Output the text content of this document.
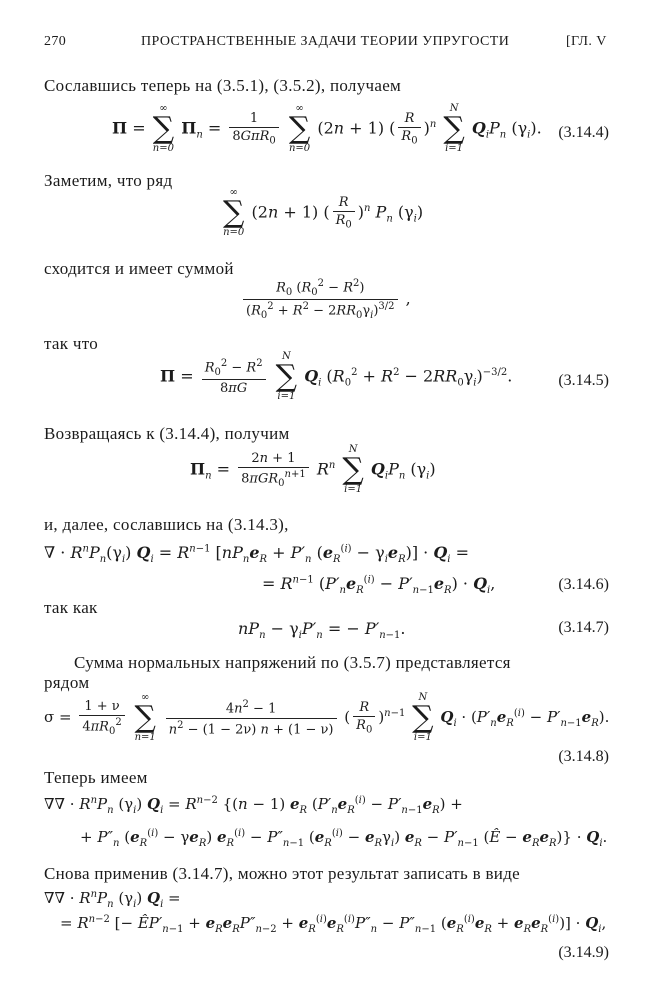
270	ПРОСТРАНСТВЕННЫЕ ЗАДАЧИ ТЕОРИИ УПРУГОСТИ	[ГЛ. V
Сославшись теперь на (3.5.1), (3.5.2), получаем
Π =
∞
∑
n=0
$\Pi_n = \frac{1}{8G\pi R_0}$

∞
∑
n=0
(2n + 1) ( $\frac{R}{R_0} )^n$
N
∑
i=1
$Q_iP_n$ $(\gamma_i)$. (3.14.4)
Заметим, что ряд
∞
∑
n=0
(2n + 1) ( $\frac{R}{R_0} )^n$ $P_n$ $(\gamma_i)$
сходится и имеет суммой
$\frac{R_0 (R_0^2 - R^2)}{(R_0^2 + R^2 - 2RR_0\gamma_i)^{3/2}}$ ,
так что
$\Pi = \frac{R_0^2 - R^2}{8\pi G}$

N
∑
i=1
$Q_i$ $(R_0^2 + R^2 - 2RR_0\gamma_i)^{-3/2}$.	(3.14.5)
Возвращаясь к (3.14.4), получим
$\Pi_n = \frac{2n + 1}{8\pi GR_0^{n+1}} R^n$
N
∑
i=1
$Q_iP_n$ $(\gamma_i)$
и, далее, сославшись на (3.14.3),
∇ · $R^nP_n(\gamma_i) Q_i = R^{n-1}$ [$nP_ne_R + P'_n$ $(e_R^{(i)} - \gamma_ie_R)] \cdot Q_i$ =
= $R^{n-1}$ $(P'_ne_R^{(i)} - P'_{n-1}e_R) \cdot Q_i$,	(3.14.6)
так как
$nP_n - \gamma_iP'_n$ = − $P'_{n-1}$.	(3.14.7)
Сумма нормальных напряжений по (3.5.7) представляется
рядом
$\sigma = \frac{1 + \nu}{4\pi R_0^2}$

∞
∑
n=1

$\frac{4n^2 - 1}{n^2 - (1 - 2\nu) n + (1 - \nu)}$ ( $\frac{R}{R_0} )^{n-1}$
N
∑
i=1
$Q_i \cdot (P'_ne_R^{(i)} - P'_{n-1}e_R)$.
(3.14.8)
Теперь имеем
∇∇ · $R^nP_n$ $(\gamma_i) Q_i = R^{n-2}$ {(n − 1) $e_R$ $(P'_ne_R^{(i)} - P'_{n-1}e_R)$ +
+ $P''_n$ $(e_R^{(i)} - \gamma e_R) e_R^{(i)} - P''_{n-1}$ $(e_R^{(i)} - e_R\gamma_i) e_R - P'_{n-1}$ (Ê − $e_Re_R)\} \cdot Q_i$.
Снова применив (3.14.7), можно этот результат записать в виде
∇∇ · $R^nP_n$ $(\gamma_i) Q_i$ =
= $R^{n-2}$ [− $ÊP'_{n-1} + e_Re_RP''_{n-2} + e_R^{(i)}e_R^{(i)}P''_n - P''_{n-1}$ $(e_R^{(i)}e_R + e_Re_R^{(i)})] \cdot Q_i$,
(3.14.9)
